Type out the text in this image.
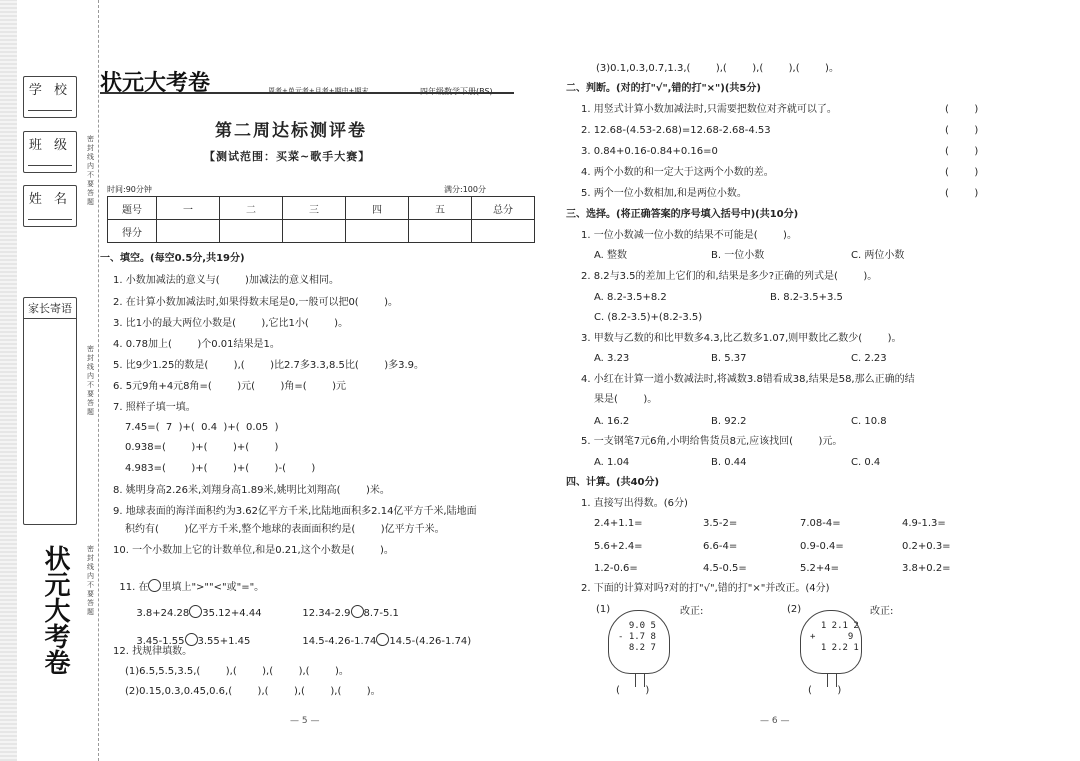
学 校
班 级
姓 名
家长寄语
状元大考卷
密封线内不要答题
密封线内不要答题
密封线内不要答题
状元大考卷	周考+单元考+月考+期中+期末	四年级数学下册(BS)
第二周达标测评卷
【测试范围：买菜~歌手大赛】
时间:90分钟	满分:100分
题号	一	二	三	四	五	总分
得分						
一、填空。(每空0.5分,共19分)
1. 小数加减法的意义与(        )加减法的意义相同。
2. 在计算小数加减法时,如果得数末尾是0,一般可以把0(        )。
3. 比1小的最大两位小数是(        ),它比1小(        )。
4. 0.78加上(        )个0.01结果是1。
5. 比9少1.25的数是(        ),(        )比2.7多3.3,8.5比(        )多3.9。
6. 5元9角+4元8角=(        )元(        )角=(        )元
7. 照样子填一填。
7.45=(  7  )+(  0.4  )+(  0.05  )
0.938=(        )+(        )+(        )
4.983=(        )+(        )+(        )-(        )
8. 姚明身高2.26米,刘翔身高1.89米,姚明比刘翔高(        )米。
9. 地球表面的海洋面积约为3.62亿平方千米,比陆地面积多2.14亿平方千米,陆地面
积约有(        )亿平方千米,整个地球的表面面积约是(        )亿平方千米。
10. 一个小数加上它的计数单位,和是0.21,这个小数是(        )。

11. 在 里填上">""<"或"="。

3.8+24.28 35.12+4.44	12.34-2.9 8.7-5.1

3.45-1.55 3.55+1.45	14.5-4.26-1.74 14.5-(4.26-1.74)

12. 找规律填数。
(1)6.5,5.5,3.5,(        ),(        ),(        ),(        )。
(2)0.15,0.3,0.45,0.6,(        ),(        ),(        ),(        )。
— 5 —
(3)0.1,0.3,0.7,1.3,(        ),(        ),(        ),(        )。
二、判断。(对的打"√",错的打"×")(共5分)
1. 用竖式计算小数加减法时,只需要把数位对齐就可以了。
2. 12.68-(4.53-2.68)=12.68-2.68-4.53
3. 0.84+0.16-0.84+0.16=0
4. 两个小数的和一定大于这两个小数的差。
5. 两个一位小数相加,和是两位小数。
(        )
(        )
(        )
(        )
(        )
三、选择。(将正确答案的序号填入括号中)(共10分)
1. 一位小数减一位小数的结果不可能是(        )。
A. 整数	B. 一位小数	C. 两位小数
2. 8.2与3.5的差加上它们的和,结果是多少?正确的列式是(        )。
A. 8.2-3.5+8.2	B. 8.2-3.5+3.5
C. (8.2-3.5)+(8.2-3.5)
3. 甲数与乙数的和比甲数多4.3,比乙数多1.07,则甲数比乙数少(        )。
A. 3.23	B. 5.37	C. 2.23
4. 小红在计算一道小数减法时,将减数3.8错看成38,结果是58,那么正确的结
果是(        )。
A. 16.2	B. 92.2	C. 10.8
5. 一支钢笔7元6角,小明给售货员8元,应该找回(        )元。
A. 1.04	B. 0.44	C. 0.4
四、计算。(共40分)
1. 直接写出得数。(6分)
2.4+1.1=	3.5-2=	7.08-4=	4.9-1.3=
5.6+2.4=	6.6-4=	0.9-0.4=	0.2+0.3=
1.2-0.6=	4.5-0.5=	5.2+4=	3.8+0.2=
2. 下面的计算对吗?对的打"√",错的打"×"并改正。(4分)
(1)
9.0 5
- 1.7 8
8.2 7
改正:
(        )
(2)
1 2.1 2
+      9
1 2.2 1
改正:
(        )
— 6 —
